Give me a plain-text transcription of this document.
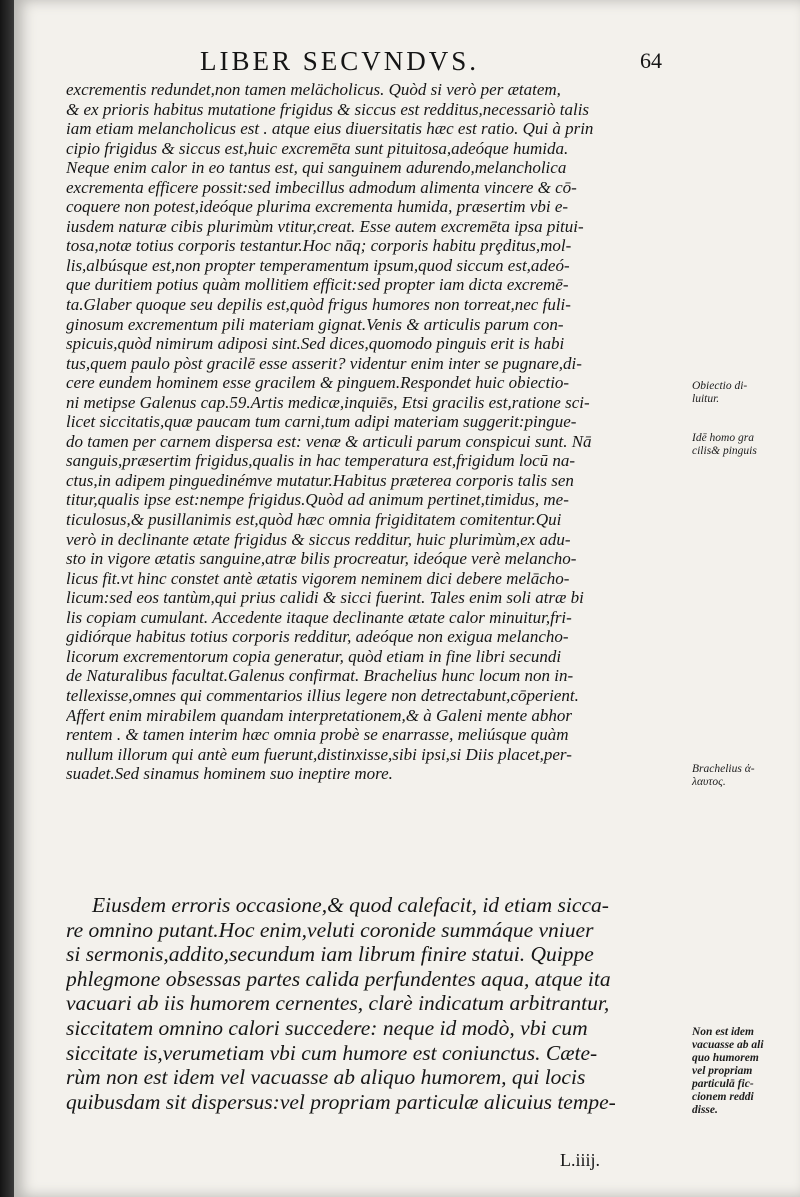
LIBER SECVNDVS.	64
excrementis redundet,non tamen melächolicus. Quòd si verò per ætatem,
& ex prioris habitus mutatione frigidus & siccus est redditus,necessariò talis
iam etiam melancholicus est . atque eius diuersitatis hæc est ratio. Qui à prin
cipio frigidus & siccus est,huic excremēta sunt pituitosa,adeóque humida.
Neque enim calor in eo tantus est, qui sanguinem adurendo,melancholica
excrementa efficere possit:sed imbecillus admodum alimenta vincere & cō-
coquere non potest,ideóque plurima excrementa humida, præsertim vbi e-
iusdem naturæ cibis plurimùm vtitur,creat. Esse autem excremēta ipsa pitui-
tosa,notæ totius corporis testantur.Hoc nāq; corporis habitu prȩditus,mol-
lis,albúsque est,non propter temperamentum ipsum,quod siccum est,adeó-
que duritiem potius quàm mollitiem efficit:sed propter iam dicta excremē-
ta.Glaber quoque seu depilis est,quòd frigus humores non torreat,nec fuli-
ginosum excrementum pili materiam gignat.Venis & articulis parum con-
spicuis,quòd nimirum adiposi sint.Sed dices,quomodo pinguis erit is habi
tus,quem paulo pòst gracilē esse asserit? videntur enim inter se pugnare,di-
cere eundem hominem esse gracilem & pinguem.Respondet huic obiectio-
ni metipse Galenus cap.59.Artis medicæ,inquiēs, Etsi gracilis est,ratione sci-
licet siccitatis,quæ paucam tum carni,tum adipi materiam suggerit:pingue-
do tamen per carnem dispersa est: venæ & articuli parum conspicui sunt. Nā
sanguis,præsertim frigidus,qualis in hac temperatura est,frigidum locū na-
ctus,in adipem pinguedinémve mutatur.Habitus præterea corporis talis sen
titur,qualis ipse est:nempe frigidus.Quòd ad animum pertinet,timidus, me-
ticulosus,& pusillanimis est,quòd hæc omnia frigiditatem comitentur.Qui
verò in declinante ætate frigidus & siccus redditur, huic plurimùm,ex adu-
sto in vigore ætatis sanguine,atræ bilis procreatur, ideóque verè melancho-
licus fit.vt hinc constet antè ætatis vigorem neminem dici debere melācho-
licum:sed eos tantùm,qui prius calidi & sicci fuerint. Tales enim soli atræ bi
lis copiam cumulant. Accedente itaque declinante ætate calor minuitur,fri-
gidiórque habitus totius corporis redditur, adeóque non exigua melancho-
licorum excrementorum copia generatur, quòd etiam in fine libri secundi
de Naturalibus facultat.Galenus confirmat. Brachelius hunc locum non in-
tellexisse,omnes qui commentarios illius legere non detrectabunt,cōperient.
Affert enim mirabilem quandam interpretationem,& à Galeni mente abhor
rentem . & tamen interim hæc omnia probè se enarrasse, meliúsque quàm
nullum illorum qui antè eum fuerunt,distinxisse,sibi ipsi,si Diis placet,per-
suadet.Sed sinamus hominem suo ineptire more.
Eiusdem erroris occasione,& quod calefacit, id etiam sicca-
re omnino putant.Hoc enim,veluti coronide summáque vniuer
si sermonis,addito,secundum iam librum finire statui. Quippe
phlegmone obsessas partes calida perfundentes aqua, atque ita
vacuari ab iis humorem cernentes, clarè indicatum arbitrantur,
siccitatem omnino calori succedere: neque id modò, vbi cum
siccitate is,verumetiam vbi cum humore est coniunctus. Cæte-
rùm non est idem vel vacuasse ab aliquo humorem, qui locis
quibusdam sit dispersus:vel propriam particulæ alicuius tempe-
Obiectio di-
luitur.
Idē homo gra
cilis& pinguis
Brachelius ἀ-
λαυτος.
Non est idem
vacuasse ab ali
quo humorem
vel propriam
particulā fic-
cionem reddi
disse.
L.iiij.
